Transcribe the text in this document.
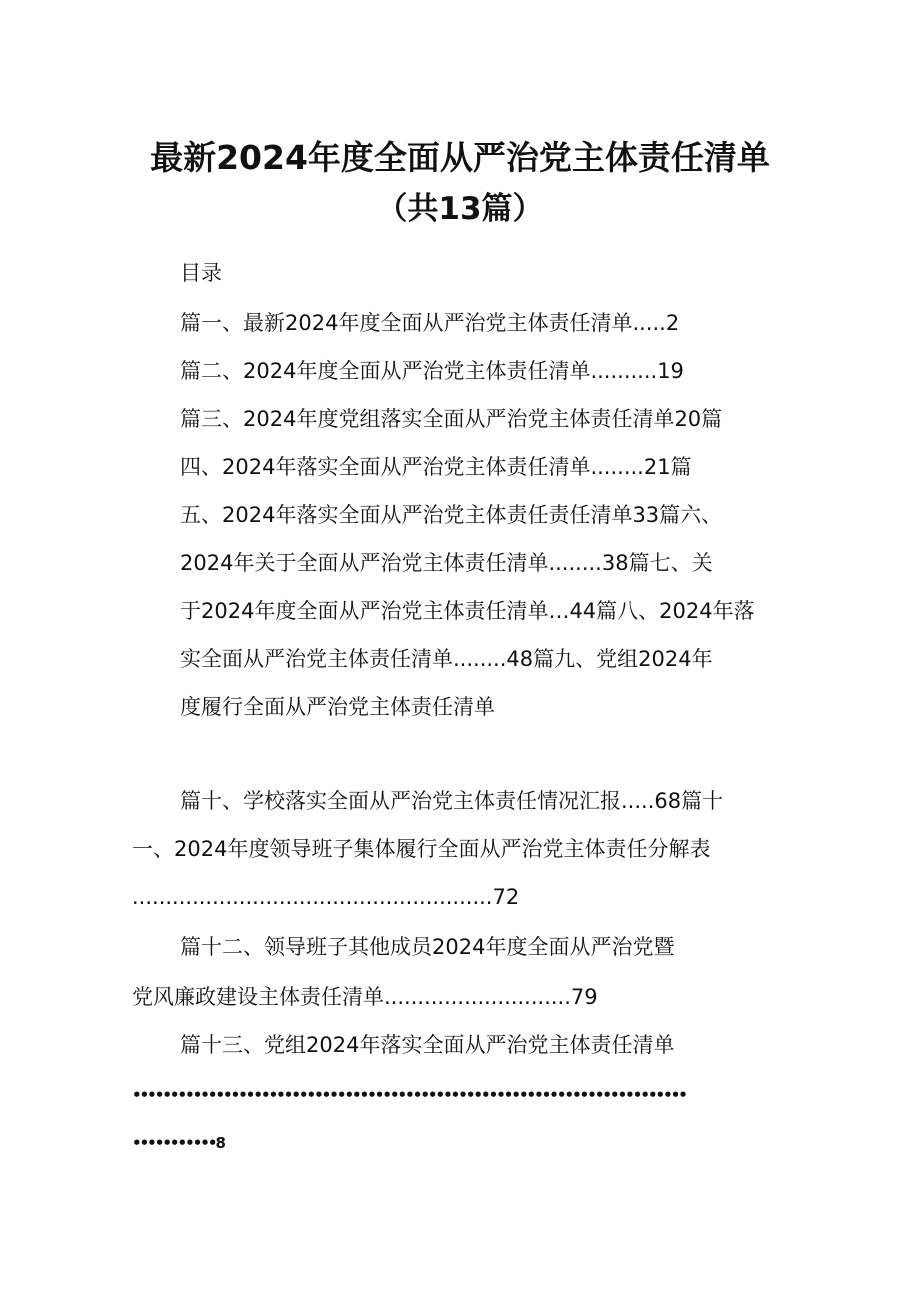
最新2024年度全面从严治党主体责任清单
（共13篇）
目录
篇一、最新2024年度全面从严治党主体责任清单.....2
篇二、2024年度全面从严治党主体责任清单..........19
篇三、2024年度党组落实全面从严治党主体责任清单20篇
四、2024年落实全面从严治党主体责任清单........21篇
五、2024年落实全面从严治党主体责任责任清单33篇六、
2024年关于全面从严治党主体责任清单........38篇七、关
于2024年度全面从严治党主体责任清单…44篇八、2024年落
实全面从严治党主体责任清单........48篇九、党组2024年
度履行全面从严治党主体责任清单
篇十、学校落实全面从严治党主体责任情况汇报.....68篇十
一、2024年度领导班子集体履行全面从严治党主体责任分解表
......................................................72
篇十二、领导班子其他成员2024年度全面从严治党暨
党风廉政建设主体责任清单............................79
篇十三、党组2024年落实全面从严治党主体责任清单
•••••••••••••••••••••••••••••••••••••••••••••••••••••••••••••••••••••••••
•••••••••••8
